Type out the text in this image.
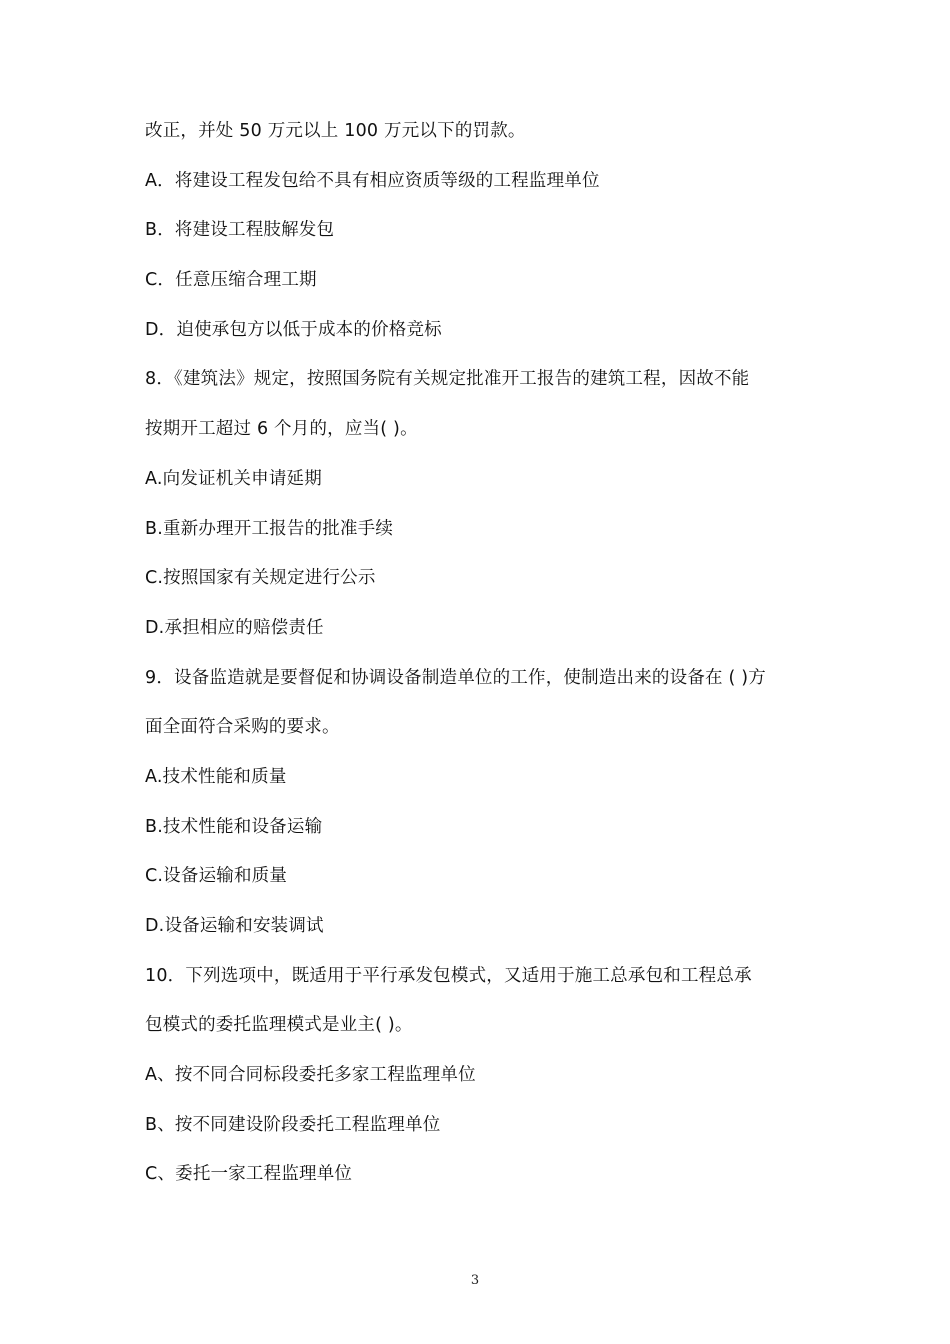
改正，并处 50 万元以上 100 万元以下的罚款。
A．将建设工程发包给不具有相应资质等级的工程监理单位
B．将建设工程肢解发包
C．任意压缩合理工期
D．迫使承包方以低于成本的价格竞标
8．《建筑法》规定，按照国务院有关规定批准开工报告的建筑工程，因故不能
按期开工超过 6 个月的，应当( )。
A.向发证机关申请延期
B.重新办理开工报告的批准手续
C.按照国家有关规定进行公示
D.承担相应的赔偿责任
9．设备监造就是要督促和协调设备制造单位的工作，使制造出来的设备在 ( )方
面全面符合采购的要求。
A.技术性能和质量
B.技术性能和设备运输
C.设备运输和质量
D.设备运输和安装调试
10．下列选项中，既适用于平行承发包模式，又适用于施工总承包和工程总承
包模式的委托监理模式是业主( )。
A、按不同合同标段委托多家工程监理单位
B、按不同建设阶段委托工程监理单位
C、委托一家工程监理单位
3
